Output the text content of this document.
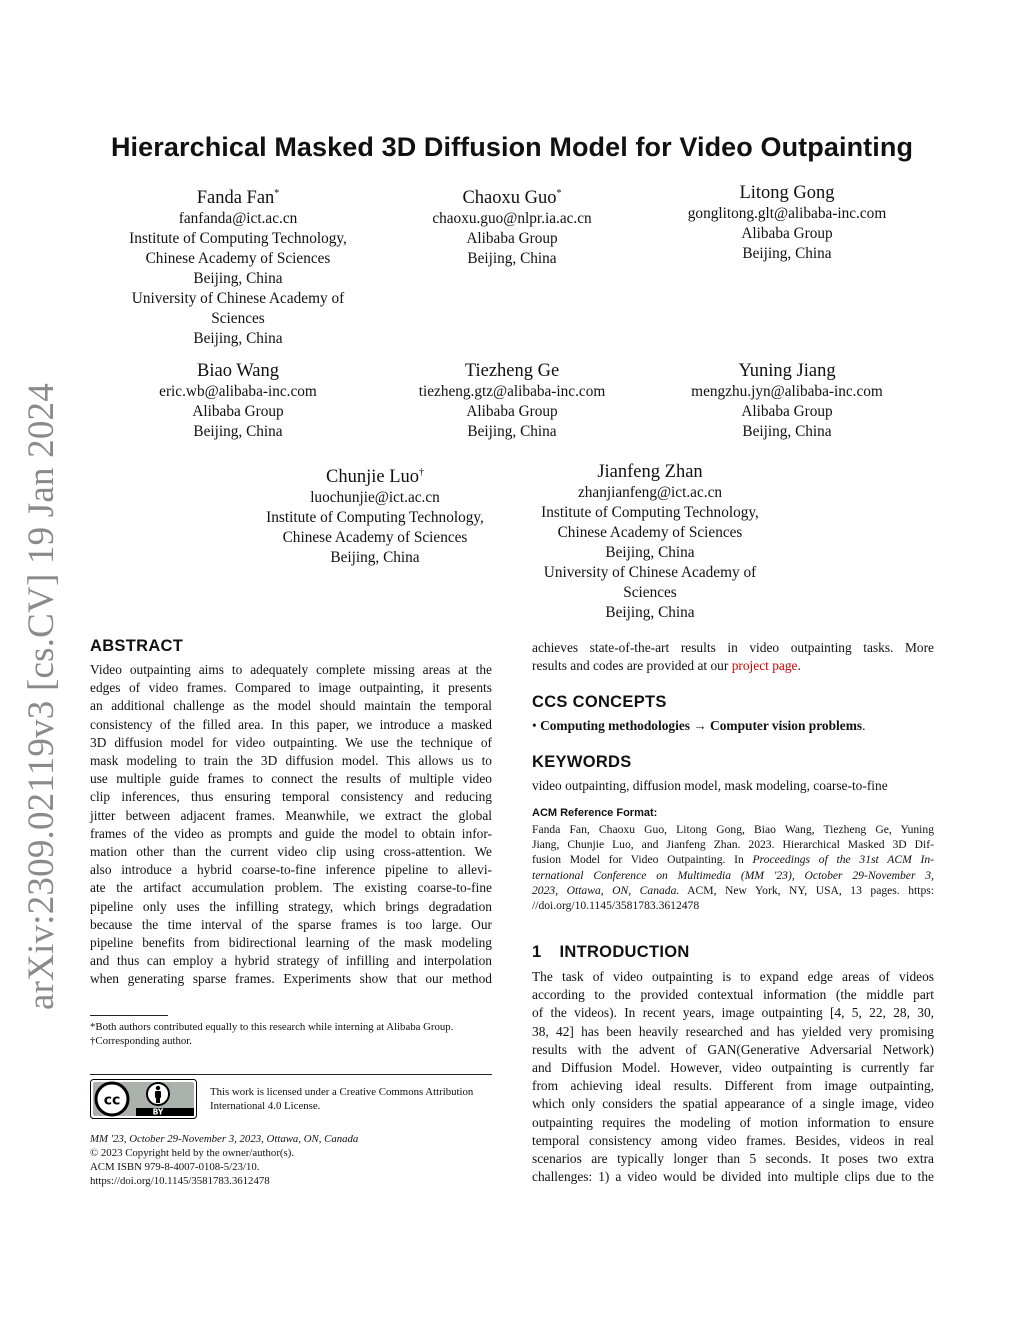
arXiv:2309.02119v3 [cs.CV] 19 Jan 2024
Hierarchical Masked 3D Diffusion Model for Video Outpainting
Fanda Fan*
fanfanda@ict.ac.cn
Institute of Computing Technology,
Chinese Academy of Sciences
Beijing, China
University of Chinese Academy of
Sciences
Beijing, China
Chaoxu Guo*
chaoxu.guo@nlpr.ia.ac.cn
Alibaba Group
Beijing, China
Litong Gong
gonglitong.glt@alibaba-inc.com
Alibaba Group
Beijing, China
Biao Wang
eric.wb@alibaba-inc.com
Alibaba Group
Beijing, China
Tiezheng Ge
tiezheng.gtz@alibaba-inc.com
Alibaba Group
Beijing, China
Yuning Jiang
mengzhu.jyn@alibaba-inc.com
Alibaba Group
Beijing, China
Chunjie Luo†
luochunjie@ict.ac.cn
Institute of Computing Technology,
Chinese Academy of Sciences
Beijing, China
Jianfeng Zhan
zhanjianfeng@ict.ac.cn
Institute of Computing Technology,
Chinese Academy of Sciences
Beijing, China
University of Chinese Academy of
Sciences
Beijing, China
ABSTRACT
Video outpainting aims to adequately complete missing areas at the
edges of video frames. Compared to image outpainting, it presents
an additional challenge as the model should maintain the temporal
consistency of the filled area. In this paper, we introduce a masked
3D diffusion model for video outpainting. We use the technique of
mask modeling to train the 3D diffusion model. This allows us to
use multiple guide frames to connect the results of multiple video
clip inferences, thus ensuring temporal consistency and reducing
jitter between adjacent frames. Meanwhile, we extract the global
frames of the video as prompts and guide the model to obtain infor-
mation other than the current video clip using cross-attention. We
also introduce a hybrid coarse-to-fine inference pipeline to allevi-
ate the artifact accumulation problem. The existing coarse-to-fine
pipeline only uses the infilling strategy, which brings degradation
because the time interval of the sparse frames is too large. Our
pipeline benefits from bidirectional learning of the mask modeling
and thus can employ a hybrid strategy of infilling and interpolation
when generating sparse frames. Experiments show that our method
*Both authors contributed equally to this research while interning at Alibaba Group.
†Corresponding author.
cc
BY
This work is licensed under a Creative Commons Attribution
International 4.0 License.
MM '23, October 29-November 3, 2023, Ottawa, ON, Canada
© 2023 Copyright held by the owner/author(s).
ACM ISBN 979-8-4007-0108-5/23/10.
https://doi.org/10.1145/3581783.3612478
achieves state-of-the-art results in video outpainting tasks. More
results and codes are provided at our project page.
CCS CONCEPTS
• Computing methodologies → Computer vision problems.
KEYWORDS
video outpainting, diffusion model, mask modeling, coarse-to-fine
ACM Reference Format:
Fanda Fan, Chaoxu Guo, Litong Gong, Biao Wang, Tiezheng Ge, Yuning
Jiang, Chunjie Luo, and Jianfeng Zhan. 2023. Hierarchical Masked 3D Dif-
fusion Model for Video Outpainting. In Proceedings of the 31st ACM In-
ternational Conference on Multimedia (MM '23), October 29-November 3,
2023, Ottawa, ON, Canada. ACM, New York, NY, USA, 13 pages. https:
//doi.org/10.1145/3581783.3612478
1 INTRODUCTION
The task of video outpainting is to expand edge areas of videos
according to the provided contextual information (the middle part
of the videos). In recent years, image outpainting [4, 5, 22, 28, 30,
38, 42] has been heavily researched and has yielded very promising
results with the advent of GAN(Generative Adversarial Network)
and Diffusion Model. However, video outpainting is currently far
from achieving ideal results. Different from image outpainting,
which only considers the spatial appearance of a single image, video
outpainting requires the modeling of motion information to ensure
temporal consistency among video frames. Besides, videos in real
scenarios are typically longer than 5 seconds. It poses two extra
challenges: 1) a video would be divided into multiple clips due to the
